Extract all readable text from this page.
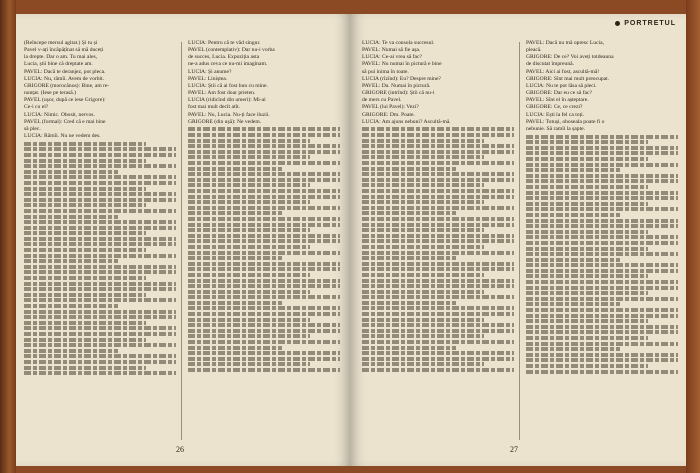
(Reîncepe mersul agitat.) Și tu și

Pavel v-ați încăpățînat să mă duceți

la drepte. Dar o am. Tu mai ales,

Lucia, știi bine că dreptate am.

PAVEL: Dacă te deranjez, pot pleca.

LUCIA: Nu, rămîi. Avem de vorbit.

GRIGORE (morocănos): Bine, am re-

nunțat. (Iese pe terasă.)

PAVEL (ușor, după ce iese Grigore):

Ce-i cu el?

LUCIA: Nimic. Obosit, nervos.

PAVEL (formal): Cred că e mai bine

să plec.

LUCIA: Rămîi. Nu ne vedem des.

LUCIA: Pentru că te văd singur.

PAVEL (contemplativ): Dar nu-i vorba

de succes, Lucia. Expoziția asta

ne-a adus ceva ce nu-mi imaginam.

LUCIA: Și anume?

PAVEL: Liniștea.

LUCIA: Știi că ai fost bun cu mine.

PAVEL: Am fost doar prieten.

LUCIA (ridicînd din umeri): Mi-ai

fost mai mult decît atît.

PAVEL: Nu, Lucia. Nu-ți face iluzii.

GRIGORE (din ușă): Ne vedem.

26
PORTRETUL

LUCIA: Te va consola succesul.

PAVEL: Numai să fie așa.

LUCIA: Ce-ai vrea să fac?

PAVEL: Nu numai în pictură e bine

să pui inima în toate.

LUCIA (rîzînd): Eu? Despre mine?

PAVEL: Da. Numai în pictură.

GRIGORE (intrînd): Știi că nu-i

de mers cu Pavel.

PAVEL (lui Pavel): Vezi?

GRIGORE: Dm. Poate.

LUCIA: Am ajuns nebuni? Ascultă-mă.

PAVEL: Dacă nu mă opresc Lucia,

pleacă.

GRIGORE: De ce? Voi aveți totdeauna

de discutat împreună.

PAVEL: Aici ai fost, ascultă-mă!

GRIGORE: Sînt mai mult preocupat.

LUCIA: Nu te pot lăsa să pleci.

GRIGORE: Dar eu ce să fac?

PAVEL: Sînt el în așteptare.

GRIGORE: Ce, ce crezi?

LUCIA: Ești la fel ca toți.

PAVEL: Totuși, oboseala poate fi o

nebunie. Să ramîi la șapte.

27
